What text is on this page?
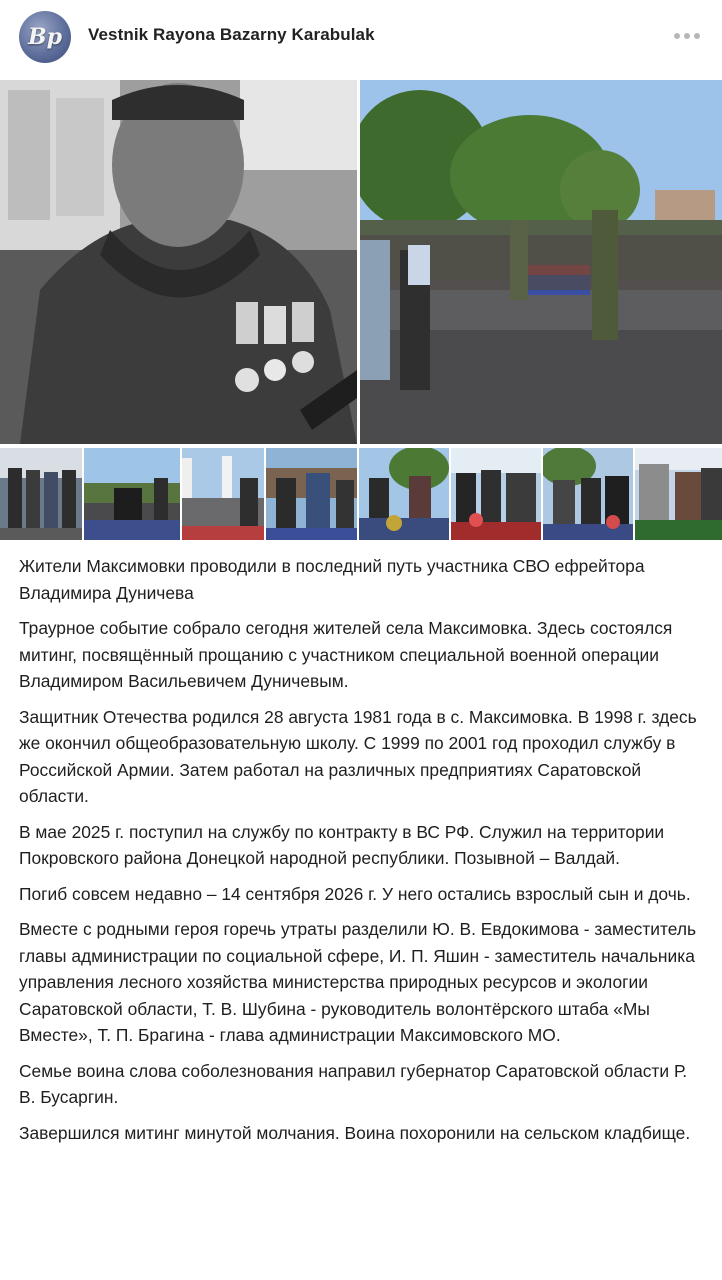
Bp	Vestnik Rayona Bazarny Karabulak

Жители Максимовки проводили в последний путь участника СВО ефрейтора Владимира Дуничева

Траурное событие собрало сегодня жителей села Максимовка. Здесь состоялся митинг, посвящённый прощанию с участником специальной военной операции Владимиром Васильевичем Дуничевым.

Защитник Отечества родился 28 августа 1981 года в с. Максимовка. В 1998 г. здесь же окончил общеобразовательную школу. С 1999 по 2001 год проходил службу в Российской Армии. Затем работал на различных предприятиях Саратовской области.

В мае 2025 г. поступил на службу по контракту в ВС РФ. Служил на территории Покровского района Донецкой народной республики. Позывной – Валдай.

Погиб совсем недавно – 14 сентября 2026 г. У него остались взрослый сын и дочь.

Вместе с родными героя горечь утраты разделили Ю. В. Евдокимова - заместитель главы администрации по социальной сфере, И. П. Яшин - заместитель начальника управления лесного хозяйства министерства природных ресурсов и экологии Саратовской области, Т. В. Шубина - руководитель волонтёрского штаба «Мы Вместе», Т. П. Брагина - глава администрации Максимовского МО.

Семье воина слова соболезнования направил губернатор Саратовской области Р. В. Бусаргин.

Завершился митинг минутой молчания. Воина похоронили на сельском кладбище.
